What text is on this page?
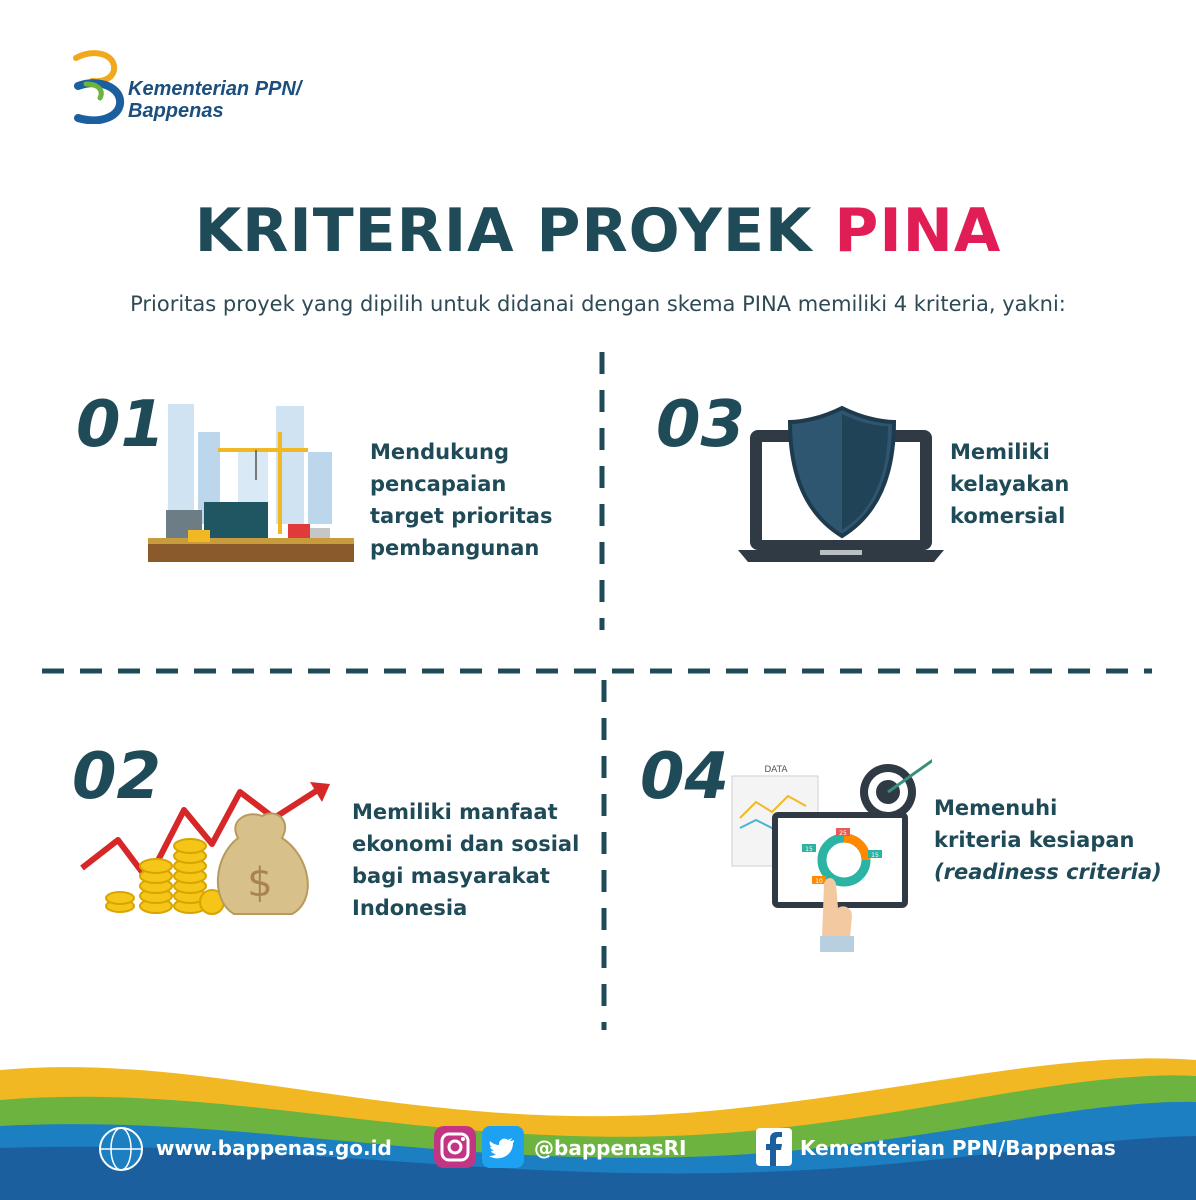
Kementerian PPN/
Bappenas
KRITERIA PROYEK PINA
Prioritas proyek yang dipilih untuk didanai dengan skema PINA memiliki 4 kriteria, yakni:
01	Mendukung
pencapaian
target prioritas
pembangunan
03	Memiliki
kelayakan
komersial
02
$
Memiliki manfaat
ekonomi dan sosial
bagi masyarakat
Indonesia
04	DATA
25
15
15
10
Memenuhi
kriteria kesiapan
(readiness criteria)
www.bappenas.go.id	@bappenasRI	Kementerian PPN/Bappenas
